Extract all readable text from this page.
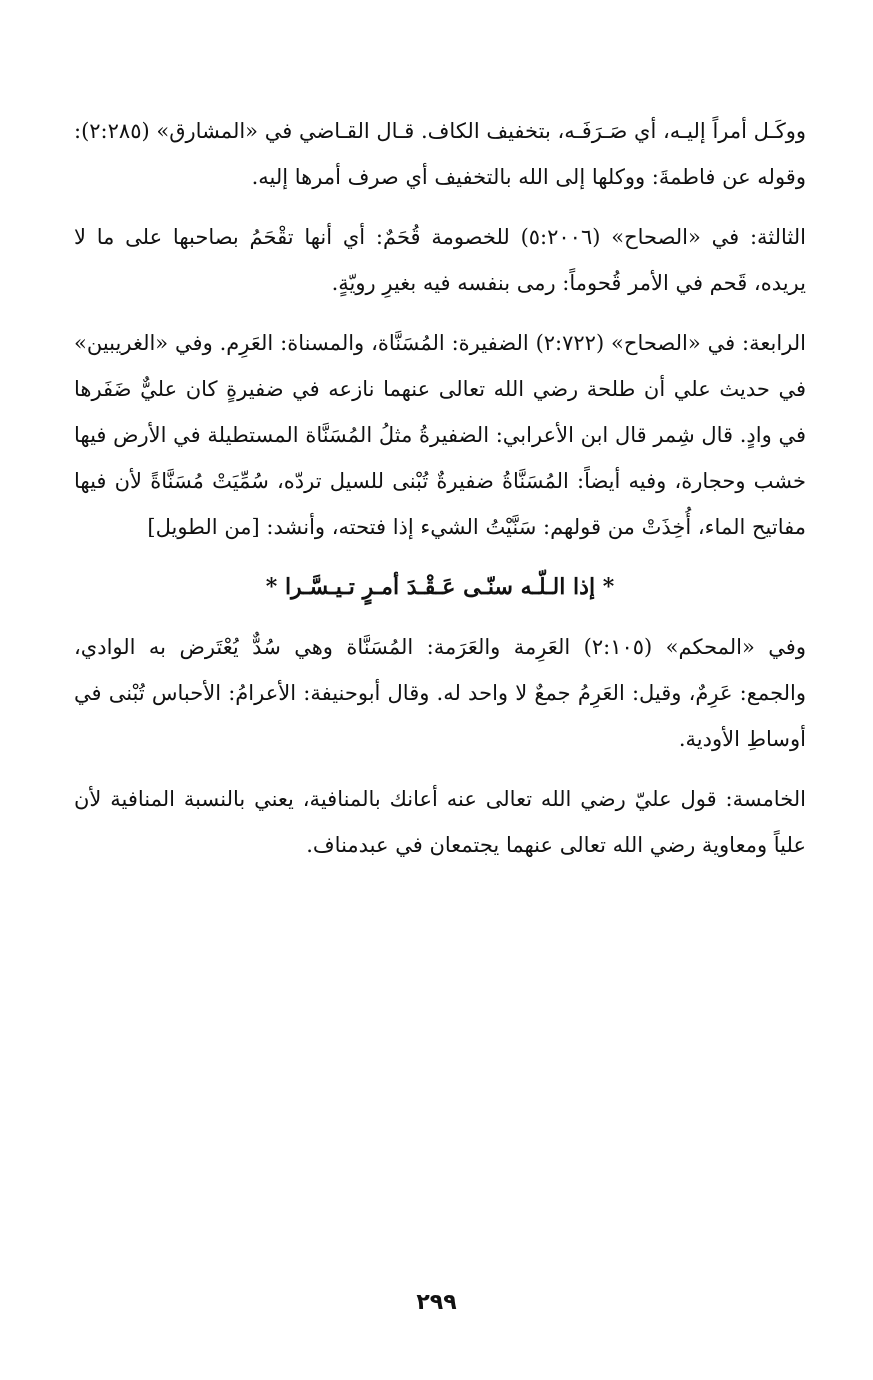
ووكَـل أمراً إليـه، أي صَـرَفَـه، بتخفيف الكاف. قـال القـاضي في «المشارق» (٢:٢٨٥): وقوله عن فاطمةَ: ووكلها إلى الله بالتخفيف أي صرف أمرها إليه.

الثالثة: في «الصحاح» (٥:٢٠٠٦) للخصومة قُحَمٌ: أي أنها تقْحَمُ بصاحبها على ما لا يريده، قَحم في الأمر قُحوماً: رمى بنفسه فيه بغيرِ رويّةٍ.

الرابعة: في «الصحاح» (٢:٧٢٢) الضفيرة: المُسَنَّاة، والمسناة: العَرِم. وفي «الغريبين» في حديث علي أن طلحة رضي الله تعالى عنهما نازعه في ضفيرةٍ كان عليٌّ ضَفَرها في وادٍ. قال شِمر قال ابن الأعرابي: الضفيرةُ مثلُ المُسَنَّاة المستطيلة في الأرض فيها خشب وحجارة، وفيه أيضاً: المُسَنَّاةُ ضفيرةٌ تُبْنى للسيل تردّه، سُمِّيَتْ مُسَنَّاةً لأن فيها مفاتيح الماء، أُخِذَتْ من قولهم: سَنَّيْتُ الشيء إذا فتحته، وأنشد: [من الطويل]

* إذا الـلّـه سنّـى عَـقْـدَ أمـرٍ تـيـسَّـرا *

وفي «المحكم» (٢:١٠٥) العَرِمة والعَرَمة: المُسَنَّاة وهي سُدٌّ يُعْتَرض به الوادي، والجمع: عَرِمٌ، وقيل: العَرِمُ جمعٌ لا واحد له. وقال أبوحنيفة: الأعرامُ: الأحباس تُبْنى في أوساطِ الأودية.

الخامسة: قول عليّ رضي الله تعالى عنه أعانك بالمنافية، يعني بالنسبة المنافية لأن علياً ومعاوية رضي الله تعالى عنهما يجتمعان في عبدمناف.

٢٩٩
